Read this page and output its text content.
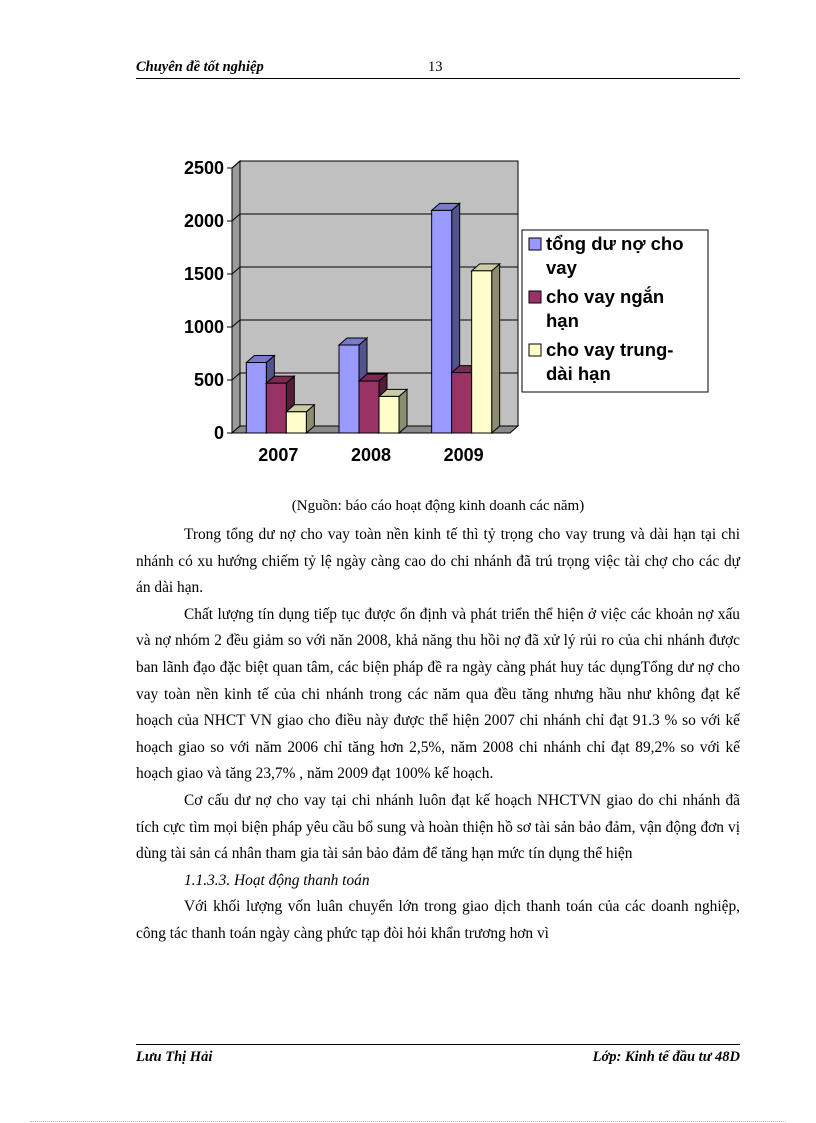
Chuyên đề tốt nghiệp	13
0
500
1000
1500
2000
2500
2007	2008	2009
tổng dư nợ cho
vay
cho vay ngắn
hạn
cho vay trung-
dài hạn
(Nguồn: báo cáo hoạt động kinh doanh các năm)

Trong tổng dư nợ cho vay toàn nền kinh tế thì tỷ trọng cho vay trung và dài hạn tại chi nhánh có xu hướng chiếm tỷ lệ ngày càng cao do chi nhánh đã trú trọng việc tài chợ cho các dự án dài hạn.

Chất lượng tín dụng tiếp tục được ổn định và phát triển thể hiện ở việc các khoản nợ xấu và nợ nhóm 2 đều giảm so với năn 2008, khả năng thu hồi nợ đã xử lý rủi ro của chi nhánh được ban lãnh đạo đặc biệt quan tâm, các biện pháp đề ra ngày càng phát huy tác dụngTổng dư nợ cho vay toàn nền kinh tế của chi nhánh trong các năm qua đều tăng nhưng hầu như không đạt kế hoạch của NHCT VN giao cho điều này được thể hiện 2007 chi nhánh chỉ đạt 91.3 % so với kế hoạch giao so với năm 2006 chỉ tăng hơn 2,5%, năm 2008 chi nhánh chỉ đạt 89,2% so với kế hoạch giao và tăng 23,7% , năm 2009 đạt 100% kế hoạch.

Cơ cấu dư nợ cho vay tại chi nhánh luôn đạt kế hoạch NHCTVN giao do chi nhánh đã tích cực tìm mọi biện pháp yêu cầu bổ sung và hoàn thiện hồ sơ tài sản bảo đảm, vận động đơn vị dùng tài sản cá nhân tham gia tài sản bảo đảm để tăng hạn mức tín dụng thể hiện

1.1.3.3. Hoạt động thanh toán

Với khối lượng vốn luân chuyển lớn trong giao dịch thanh toán của các doanh nghiệp, công tác thanh toán ngày càng phức tạp đòi hỏi khẩn trương hơn vì

Lưu Thị Hải	Lớp: Kinh tế đầu tư 48D
